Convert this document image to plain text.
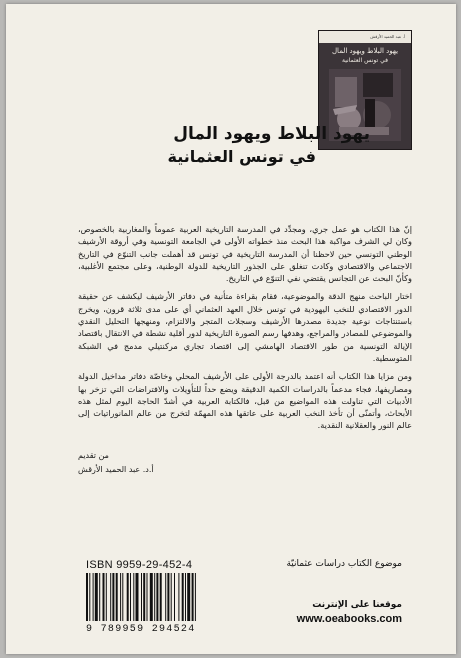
أ. عبد الحميد الأرقش
يهود البلاط ويهود المال
في تونس العثمانية
يهود البلاط ويهود المال
في تونس العثمانية

إنّ هذا الكتاب هو عمل جري، ومجدِّد في المدرسة التاريخية العربية عموماً والمغاربية بالخصوص، وكان لي الشرف مواكبة هذا البحث منذ خطواته الأولى في الجامعة التونسية وفي أروقة الأرشيف الوطني التونسي حين لاحظنا أن المدرسة التاريخية في تونس قد أهملت جانب التنوّع في التاريخ الاجتماعي والاقتصادي وكادت تنغلق على الجذور التاريخية للدولة الوطنية، وعلى مجتمع الأغلبية، وكأنّ البحث عن التجانس يقتضي نفي التنوّع في التاريخ.

اختار الباحث منهج الدقة والموضوعية، فقام بقراءة متأنية في دفاتر الأرشيف ليكشف عن حقيقة الدور الاقتصادي للنخب اليهودية في تونس خلال العهد العثماني أي على مدى ثلاثة قرون، ويخرج باستنتاجات نوعية جديدة مصدرها الأرشيف وسجلات المتجر والالتزام، ومنهجها التحليل النقدي والموضوعي للمصادر والمراجع، وهدفها رسم الصورة التاريخية لدور أقلية نشطة في الانتقال باقتصاد الإيالة التونسية من طور الاقتصاد الهامشي إلى اقتصاد تجاري مركنتيلي مدمج في الشبكة المتوسطية.

ومن مزايا هذا الكتاب أنه اعتمد بالدرجة الأولى على الأرشيف المحلي وخاصّة دفاتر مداخيل الدولة ومصاريفها، فجاء مدعماً بالدراسات الكمية الدقيقة ويضع حداً للتأويلات والافتراضات التي تزخر بها الأدبيات التي تناولت هذه المواضيع من قبل، فالكتابة العربية في أشدّ الحاجة اليوم لمثل هذه الأبحاث، وأتمنّى أن تأخذ النخب العربية على عاتقها هذه المهمّة لتخرج من عالم المانوراتيات إلى عالم النور والعقلانية النقدية.

من تقديم
أ.د. عبد الحميد الأرقش
ISBN 9959-29-452-4
9 789959 294524
موضوع الكتاب دراسات عثمانيّة
موقعنا على الإنترنت
www.oeabooks.com
